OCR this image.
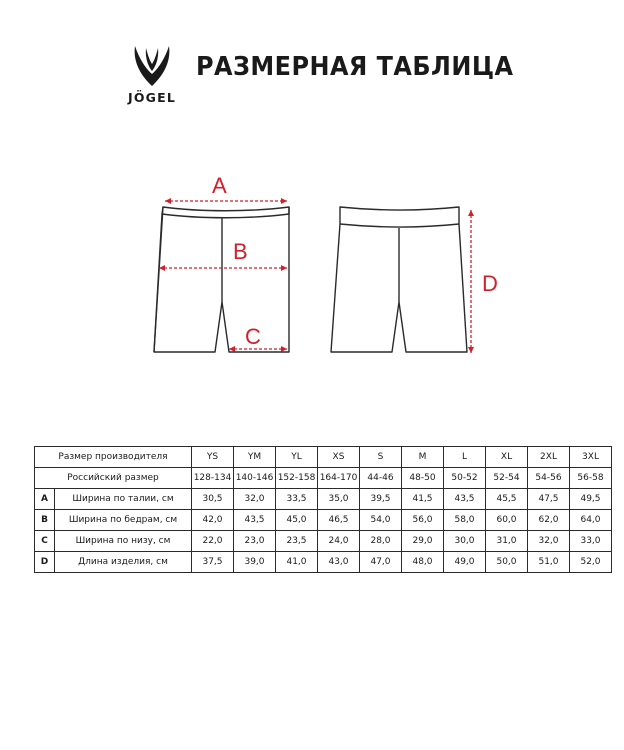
JÖGEL
РАЗМЕРНАЯ ТАБЛИЦА
A
B
C
D
Размер производителя		YS	YM	YL	XS	S	M	L	XL	2XL	3XL
Российский размер		128-134	140-146	152-158	164-170	44-46	48-50	50-52	52-54	54-56	56-58
A	Ширина по талии, см	30,5	32,0	33,5	35,0	39,5	41,5	43,5	45,5	47,5	49,5
B	Ширина по бедрам, см	42,0	43,5	45,0	46,5	54,0	56,0	58,0	60,0	62,0	64,0
C	Ширина по низу, см	22,0	23,0	23,5	24,0	28,0	29,0	30,0	31,0	32,0	33,0
D	Длина изделия, см	37,5	39,0	41,0	43,0	47,0	48,0	49,0	50,0	51,0	52,0
